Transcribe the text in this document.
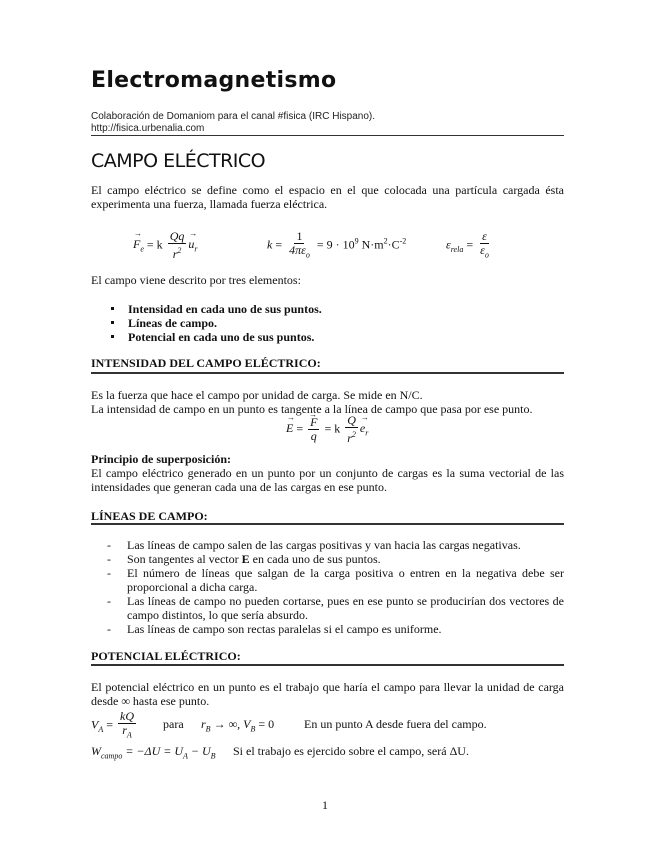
Electromagnetismo
Colaboración de Domaniom para el canal #fisica (IRC Hispano).
http://fisica.urbenalia.com
CAMPO ELÉCTRICO
El campo eléctrico se define como el espacio en el que colocada una partícula cargada ésta experimenta una fuerza, llamada fuerza eléctrica.
→ $F_e = k \frac{Qq}{r^2} \to u_r$	$k = \frac{1}{4\pi\varepsilon_o} = 9 \cdot 10^9$ $N\cdot m^2\cdot C^{-2}$	$\varepsilon_{rela} = \frac{\varepsilon}{\varepsilon_o}$
El campo viene descrito por tres elementos:
Intensidad en cada uno de sus puntos.
Líneas de campo.
Potencial en cada uno de sus puntos.
INTENSIDAD DEL CAMPO ELÉCTRICO:
Es la fuerza que hace el campo por unidad de carga. Se mide en N/C.
La intensidad de campo en un punto es tangente a la línea de campo que pasa por ese punto.
→ E = → $\frac{F}{q} = k \frac{Q}{r^2} \to e_r$
Principio de superposición:
El campo eléctrico generado en un punto por un conjunto de cargas es la suma vectorial de las intensidades que generan cada una de las cargas en ese punto.
LÍNEAS DE CAMPO:
- Las líneas de campo salen de las cargas positivas y van hacia las cargas negativas.
- Son tangentes al vector E en cada uno de sus puntos.
- El número de líneas que salgan de la carga positiva o entren en la negativa debe ser proporcional a dicha carga.
- Las líneas de campo no pueden cortarse, pues en ese punto se producirían dos vectores de campo distintos, lo que sería absurdo.
- Las líneas de campo son rectas paralelas si el campo es uniforme.
POTENCIAL ELÉCTRICO:
El potencial eléctrico en un punto es el trabajo que haría el campo para llevar la unidad de carga desde ∞ hasta ese punto.
$V_A = \frac{kQ}{r_A}$ para $r_B$ → ∞, $V_B = 0$ En un punto A desde fuera del campo.
$W_{campo} = -\Delta U = U_A - U_B$ Si el trabajo es ejercido sobre el campo, será ΔU.
1
